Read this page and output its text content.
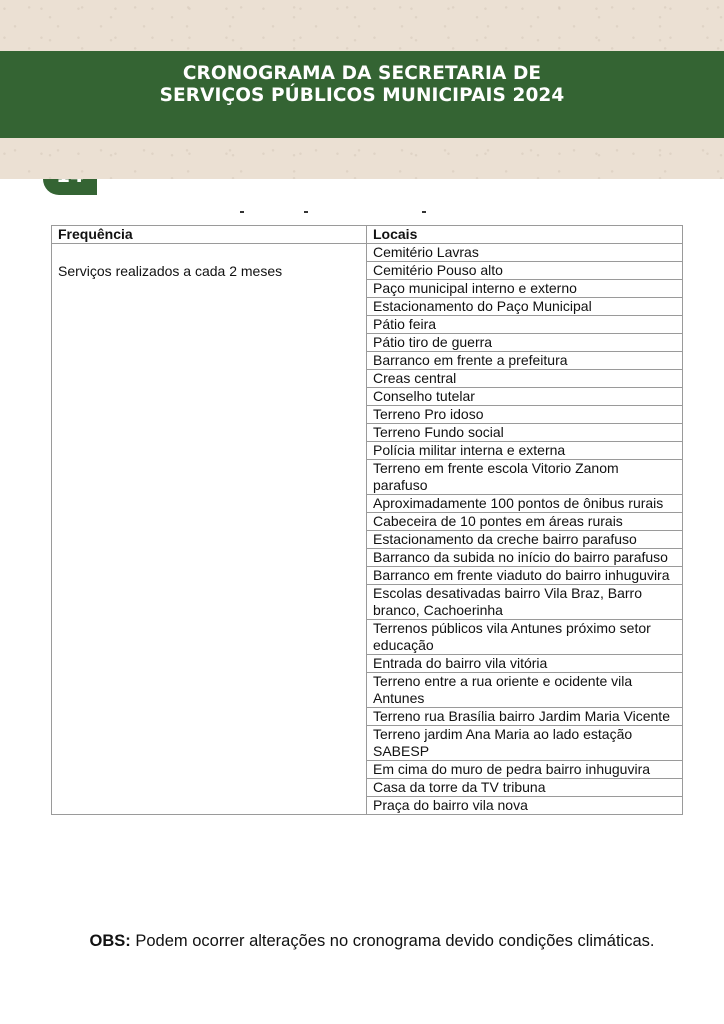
CRONOGRAMA DA SECRETARIA DE
SERVIÇOS PÚBLICOS MUNICIPAIS 2024
Frequência	Locais
Serviços realizados a cada 2 meses	Cemitério Lavras
	Cemitério Pouso alto
	Paço municipal interno e externo
	Estacionamento do Paço Municipal
	Pátio feira
	Pátio tiro de guerra
	Barranco em frente a prefeitura
	Creas central
	Conselho tutelar
	Terreno Pro idoso
	Terreno Fundo social
	Polícia militar interna e externa
	Terreno em frente escola Vitorio Zanom parafuso
	Aproximadamente 100 pontos de ônibus rurais
	Cabeceira de 10 pontes em áreas rurais
	Estacionamento da creche bairro parafuso
	Barranco da subida no início do bairro parafuso
	Barranco em frente viaduto do bairro inhuguvira
	Escolas desativadas bairro Vila Braz, Barro branco, Cachoerinha
	Terrenos públicos vila Antunes próximo setor educação
	Entrada do bairro vila vitória
	Terreno entre a rua oriente e ocidente vila Antunes
	Terreno rua Brasília bairro Jardim Maria Vicente
	Terreno jardim Ana Maria ao lado estação SABESP
	Em cima do muro de pedra bairro inhuguvira
	Casa da torre da TV tribuna
	Praça do bairro vila nova
OBS: Podem ocorrer alterações no cronograma devido condições climáticas.
